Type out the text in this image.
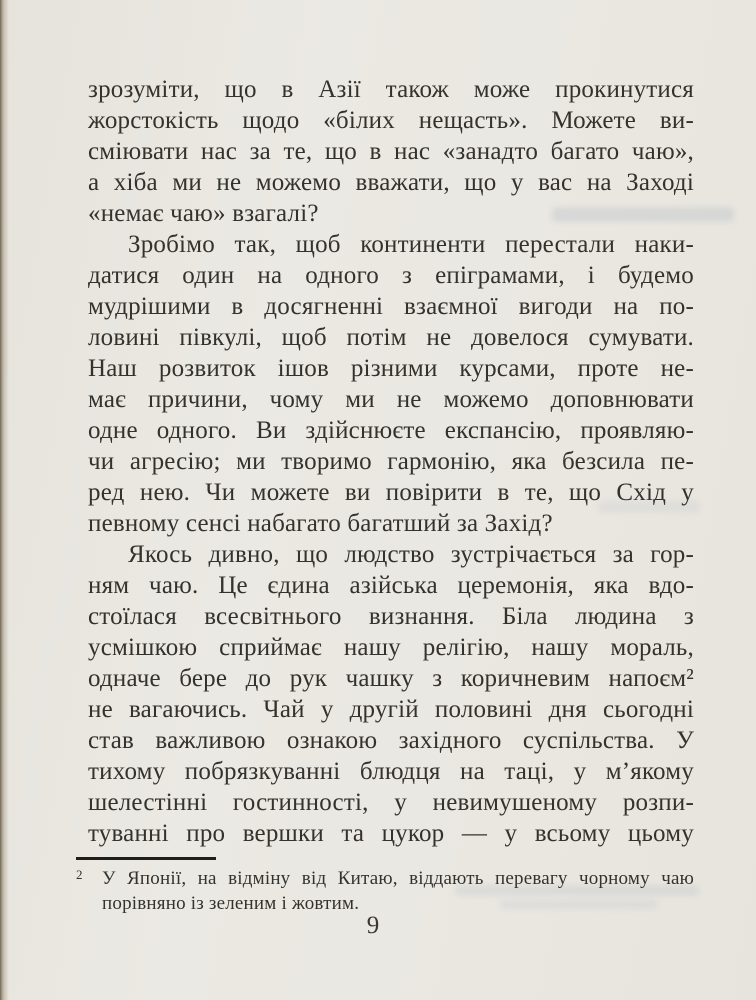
зрозуміти, що в Азії також може прокинутися
жорстокість щодо «білих нещасть». Можете ви-
сміювати нас за те, що в нас «занадто багато чаю»,
а хіба ми не можемо вважати, що у вас на Заході
«немає чаю» взагалі?
Зробімо так, щоб континенти перестали наки-
датися один на одного з епіграмами, і будемо
мудрішими в досягненні взаємної вигоди на по-
ловині півкулі, щоб потім не довелося сумувати.
Наш розвиток ішов різними курсами, проте не-
має причини, чому ми не можемо доповнювати
одне одного. Ви здійснюєте експансію, проявляю-
чи агресію; ми творимо гармонію, яка безсила пе-
ред нею. Чи можете ви повірити в те, що Схід у
певному сенсі набагато багатший за Захід?
Якось дивно, що людство зустрічається за гор-
ням чаю. Це єдина азійська церемонія, яка вдо-
стоїлася всесвітнього визнання. Біла людина з
усмішкою сприймає нашу релігію, нашу мораль,
одначе бере до рук чашку з коричневим напоєм²
не вагаючись. Чай у другій половині дня сьогодні
став важливою ознакою західного суспільства. У
тихому побрязкуванні блюдця на таці, у м’якому
шелестінні гостинності, у невимушеному розпи-
туванні про вершки та цукор — у всьому цьому
2	У Японії, на відміну від Китаю, віддають перевагу чорному чаю
порівняно із зеленим і жовтим.
9
